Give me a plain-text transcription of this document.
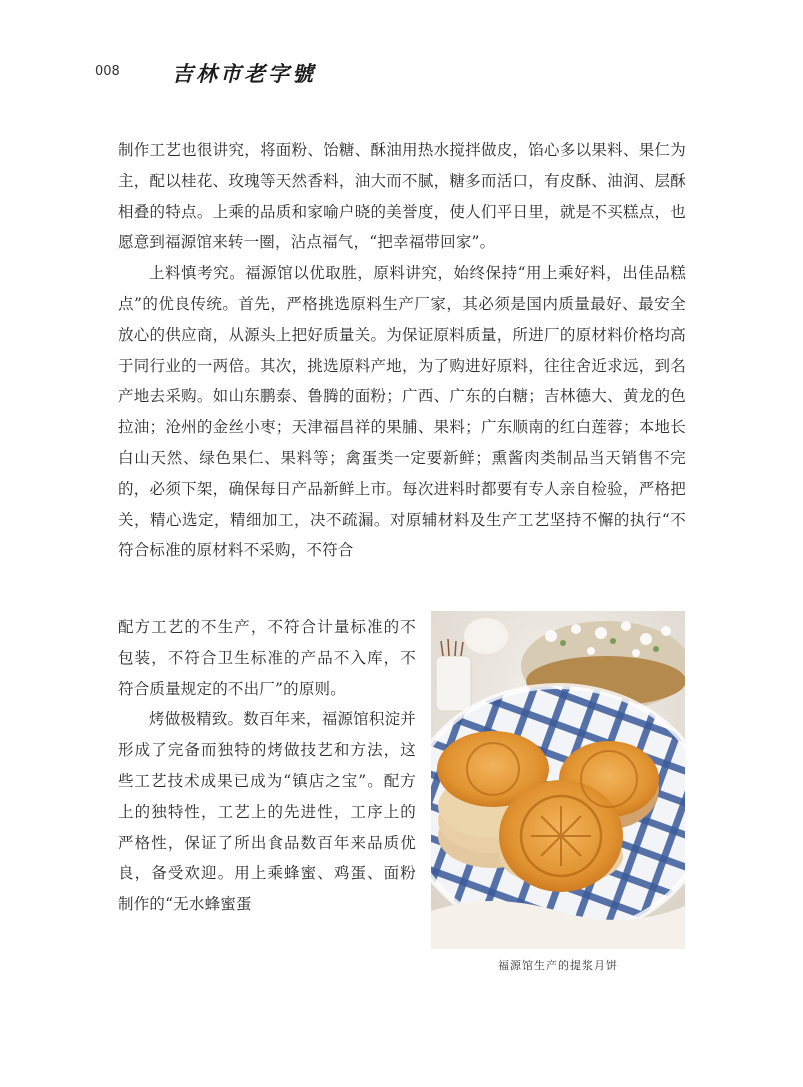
008 吉林市老字號

制作工艺也很讲究，将面粉、饴糖、酥油用热水搅拌做皮，馅心多以果料、果仁为主，配以桂花、玫瑰等天然香料，油大而不腻，糖多而活口，有皮酥、油润、层酥相叠的特点。上乘的品质和家喻户晓的美誉度，使人们平日里，就是不买糕点，也愿意到福源馆来转一圈，沾点福气，“把幸福带回家”。

上料慎考究。福源馆以优取胜，原料讲究，始终保持“用上乘好料，出佳品糕点”的优良传统。首先，严格挑选原料生产厂家，其必须是国内质量最好、最安全放心的供应商，从源头上把好质量关。为保证原料质量，所进厂的原材料价格均高于同行业的一两倍。其次，挑选原料产地，为了购进好原料，往往舍近求远，到名产地去采购。如山东鹏泰、鲁腾的面粉；广西、广东的白糖；吉林德大、黄龙的色拉油；沧州的金丝小枣；天津福昌祥的果脯、果料；广东顺南的红白莲蓉；本地长白山天然、绿色果仁、果料等；禽蛋类一定要新鲜；熏酱肉类制品当天销售不完的，必须下架，确保每日产品新鲜上市。每次进料时都要有专人亲自检验，严格把关，精心选定，精细加工，决不疏漏。对原辅材料及生产工艺坚持不懈的执行“不符合标准的原材料不采购，不符合

配方工艺的不生产，不符合计量标准的不包装，不符合卫生标准的产品不入库，不符合质量规定的不出厂”的原则。

烤做极精致。数百年来，福源馆积淀并形成了完备而独特的烤做技艺和方法，这些工艺技术成果已成为“镇店之宝”。配方上的独特性，工艺上的先进性，工序上的严格性，保证了所出食品数百年来品质优良，备受欢迎。用上乘蜂蜜、鸡蛋、面粉制作的“无水蜂蜜蛋

福源馆生产的提浆月饼
